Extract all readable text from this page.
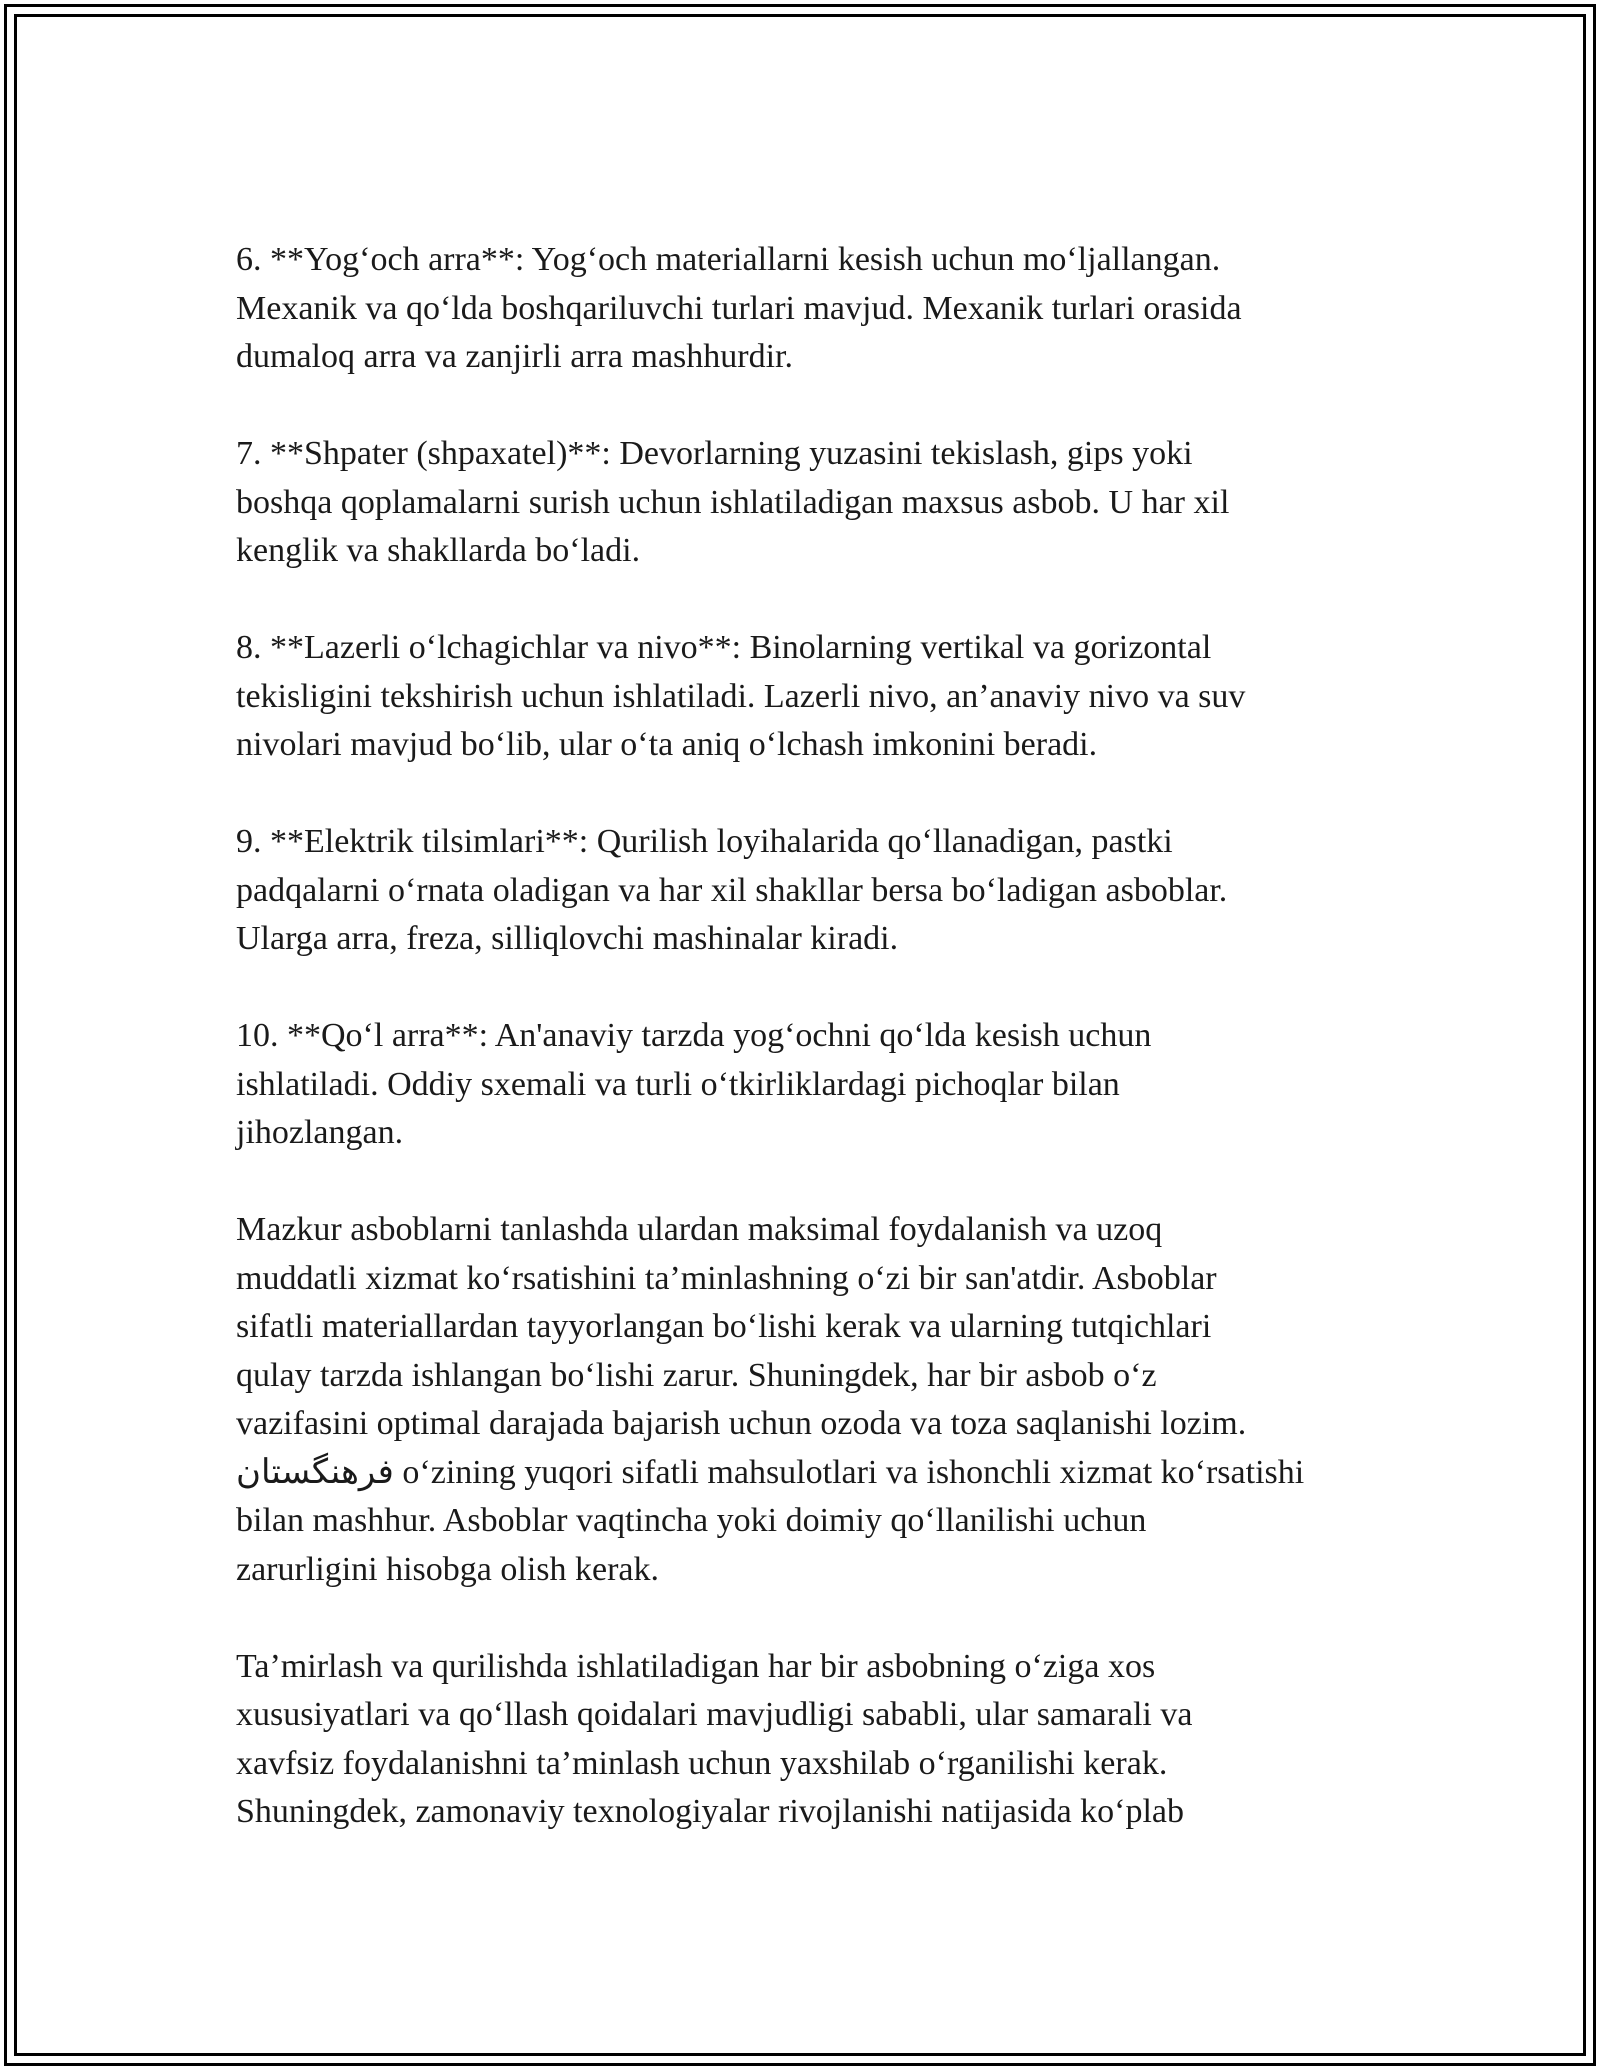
6. **Yog‘och arra**: Yog‘och materiallarni kesish uchun mo‘ljallangan.
Mexanik va qo‘lda boshqariluvchi turlari mavjud. Mexanik turlari orasida
dumaloq arra va zanjirli arra mashhurdir.

7. **Shpater (shpaxatel)**: Devorlarning yuzasini tekislash, gips yoki
boshqa qoplamalarni surish uchun ishlatiladigan maxsus asbob. U har xil
kenglik va shakllarda bo‘ladi.

8. **Lazerli o‘lchagichlar va nivo**: Binolarning vertikal va gorizontal
tekisligini tekshirish uchun ishlatiladi. Lazerli nivo, an’anaviy nivo va suv
nivolari mavjud bo‘lib, ular o‘ta aniq o‘lchash imkonini beradi.

9. **Elektrik tilsimlari**: Qurilish loyihalarida qo‘llanadigan, pastki
padqalarni o‘rnata oladigan va har xil shakllar bersa bo‘ladigan asboblar.
Ularga arra, freza, silliqlovchi mashinalar kiradi.

10. **Qo‘l arra**: An'anaviy tarzda yog‘ochni qo‘lda kesish uchun
ishlatiladi. Oddiy sxemali va turli o‘tkirliklardagi pichoqlar bilan
jihozlangan.

Mazkur asboblarni tanlashda ulardan maksimal foydalanish va uzoq
muddatli xizmat ko‘rsatishini ta’minlashning o‘zi bir san'atdir. Asboblar
sifatli materiallardan tayyorlangan bo‘lishi kerak va ularning tutqichlari
qulay tarzda ishlangan bo‘lishi zarur. Shuningdek, har bir asbob o‘z
vazifasini optimal darajada bajarish uchun ozoda va toza saqlanishi lozim.
فرهنگستان o‘zining yuqori sifatli mahsulotlari va ishonchli xizmat ko‘rsatishi
bilan mashhur. Asboblar vaqtincha yoki doimiy qo‘llanilishi uchun
zarurligini hisobga olish kerak.

Ta’mirlash va qurilishda ishlatiladigan har bir asbobning o‘ziga xos
xususiyatlari va qo‘llash qoidalari mavjudligi sababli, ular samarali va
xavfsiz foydalanishni ta’minlash uchun yaxshilab o‘rganilishi kerak.
Shuningdek, zamonaviy texnologiyalar rivojlanishi natijasida ko‘plab
